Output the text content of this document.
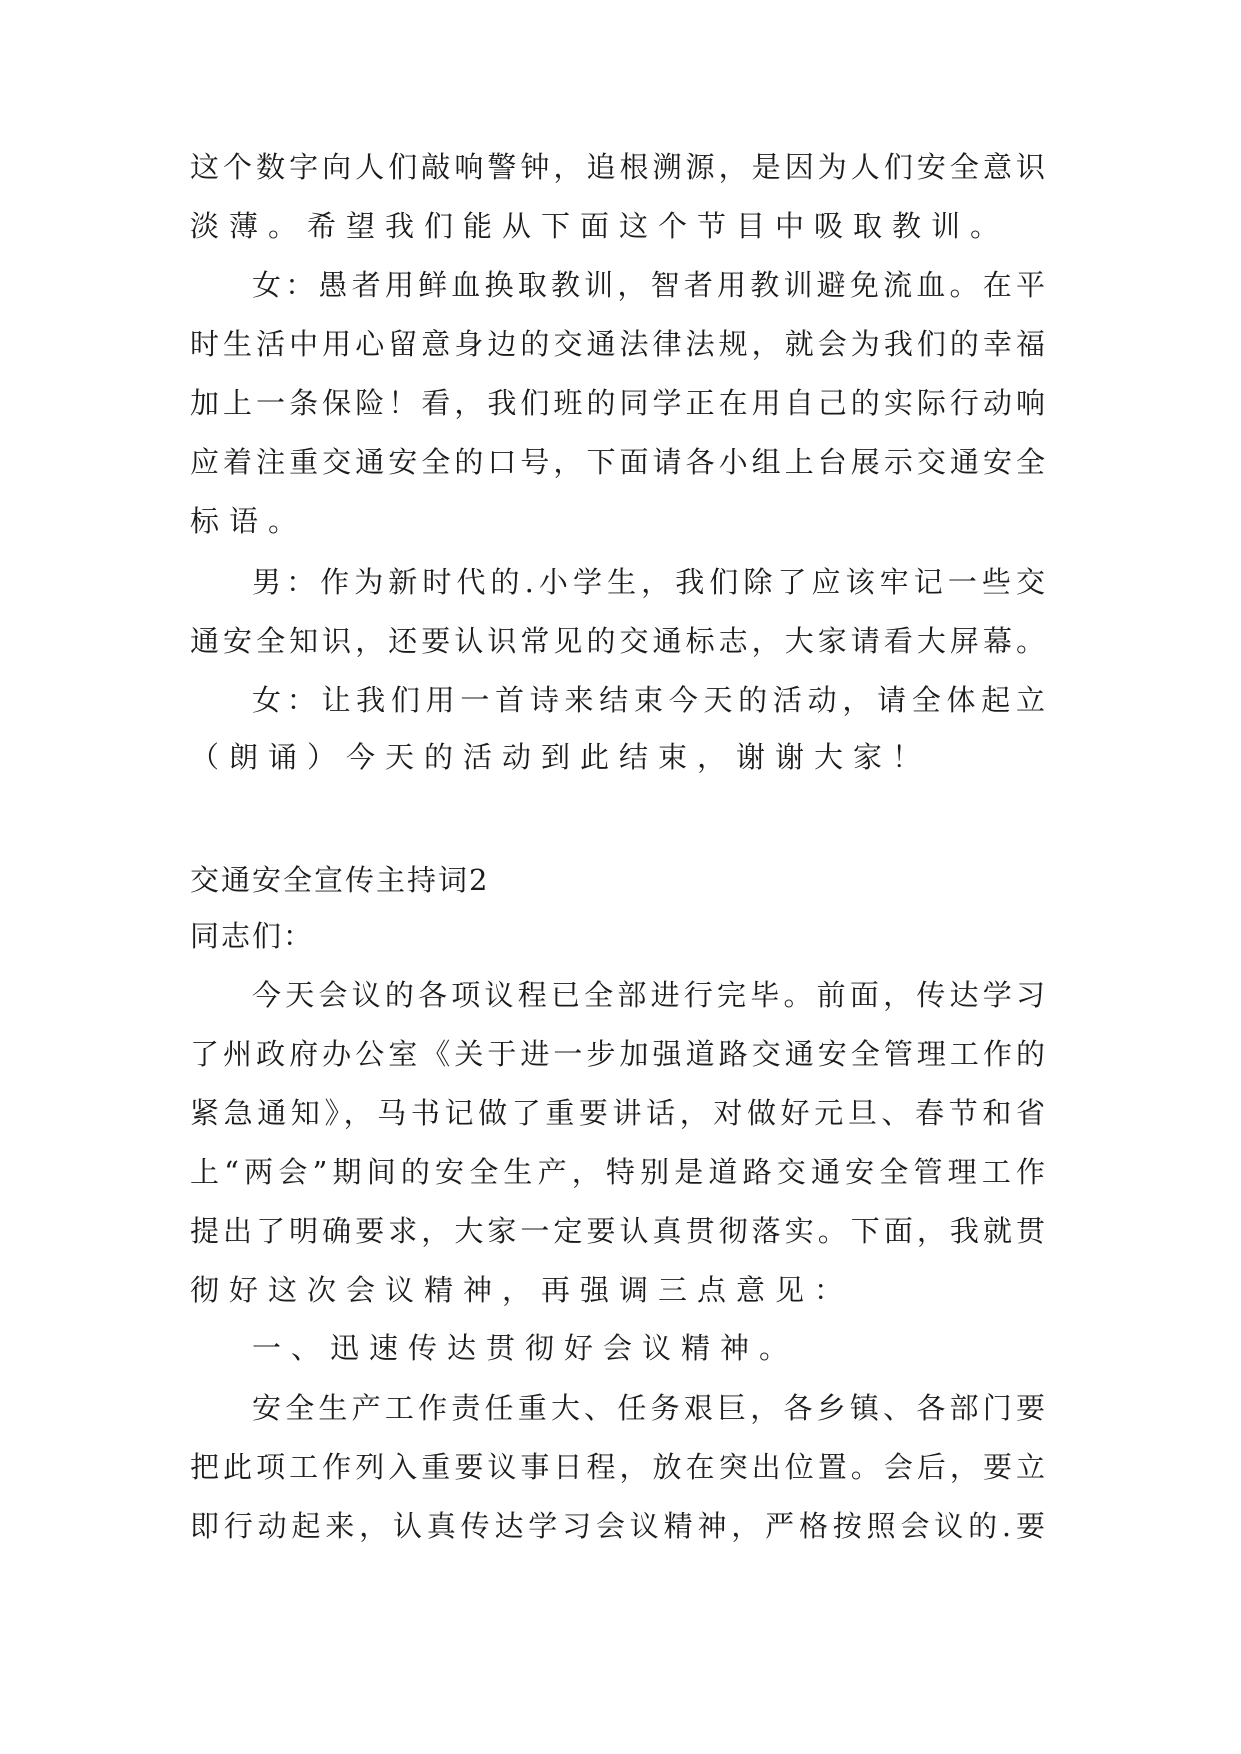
这个数字向人们敲响警钟，追根溯源，是因为人们安全意识
淡薄。希望我们能从下面这个节目中吸取教训。
女：愚者用鲜血换取教训，智者用教训避免流血。在平
时生活中用心留意身边的交通法律法规，就会为我们的幸福
加上一条保险！看，我们班的同学正在用自己的实际行动响
应着注重交通安全的口号，下面请各小组上台展示交通安全
标语。
男：作为新时代的.小学生，我们除了应该牢记一些交
通安全知识，还要认识常见的交通标志，大家请看大屏幕。
女：让我们用一首诗来结束今天的活动，请全体起立
（朗诵）今天的活动到此结束，谢谢大家！
交通安全宣传主持词2
同志们：
今天会议的各项议程已全部进行完毕。前面，传达学习
了州政府办公室《关于进一步加强道路交通安全管理工作的
紧急通知》，马书记做了重要讲话，对做好元旦、春节和省
上“两会”期间的安全生产，特别是道路交通安全管理工作
提出了明确要求，大家一定要认真贯彻落实。下面，我就贯
彻好这次会议精神，再强调三点意见：
一、迅速传达贯彻好会议精神。
安全生产工作责任重大、任务艰巨，各乡镇、各部门要
把此项工作列入重要议事日程，放在突出位置。会后，要立
即行动起来，认真传达学习会议精神，严格按照会议的.要
